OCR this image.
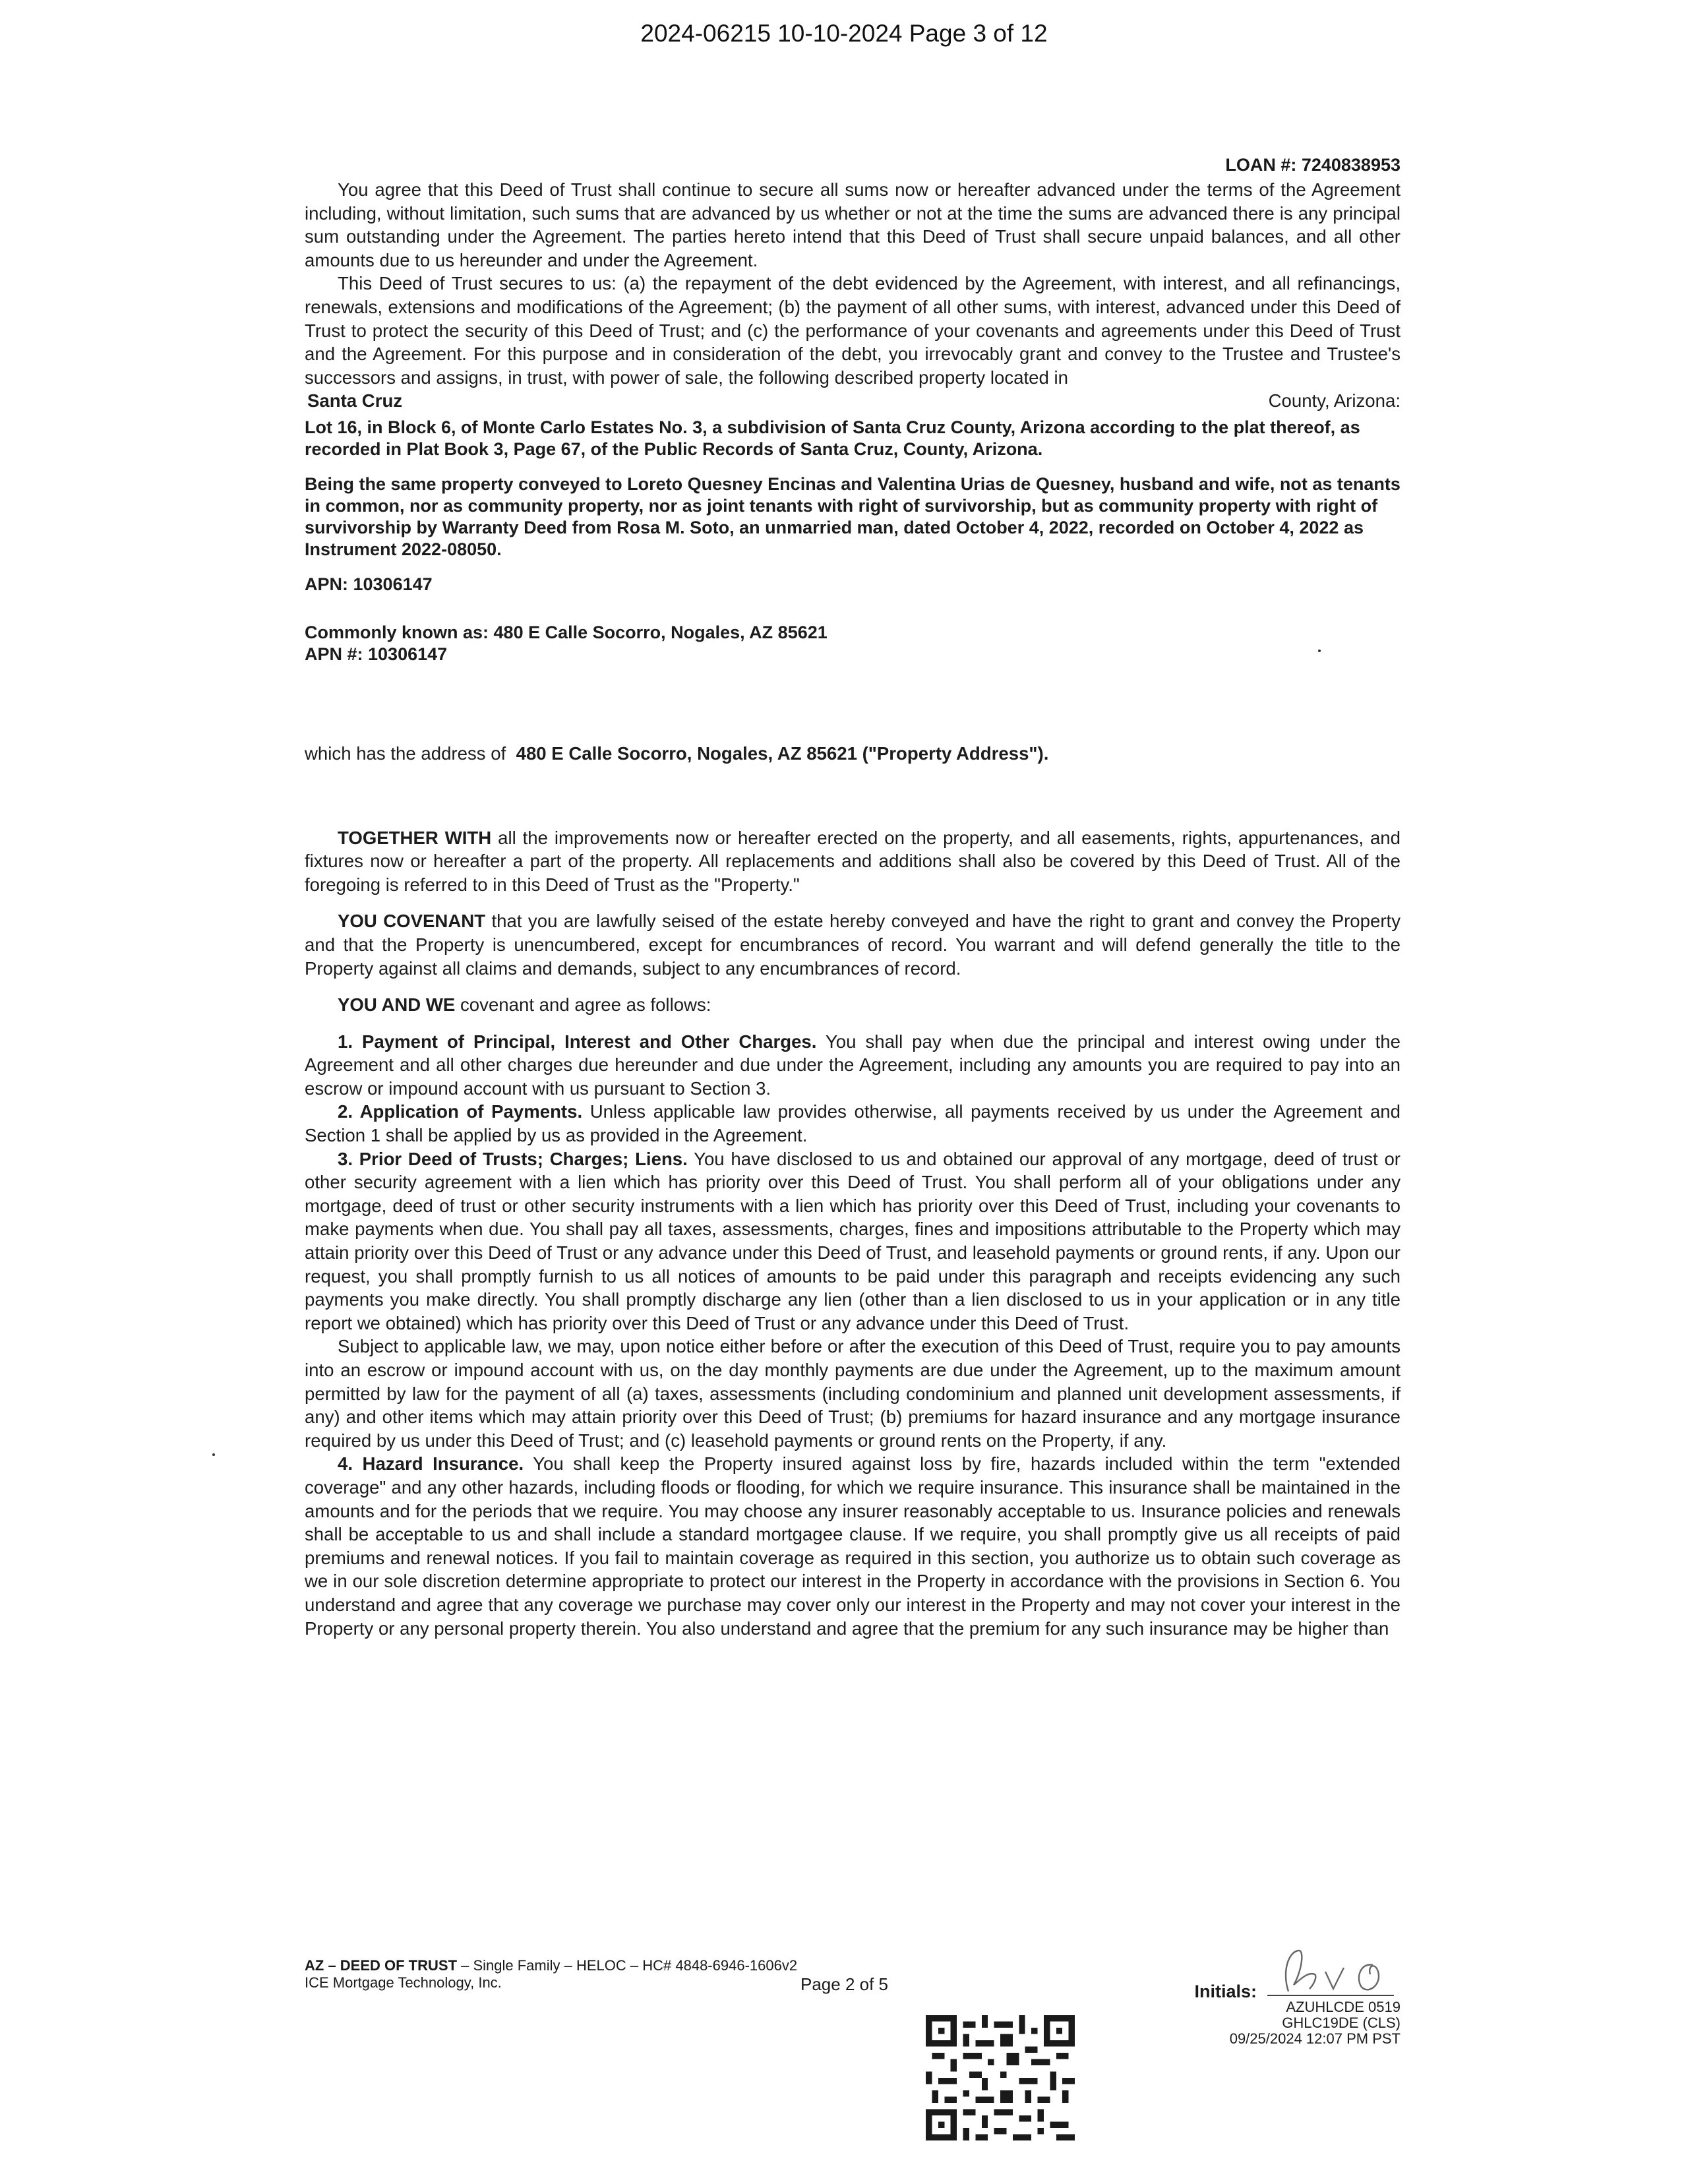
2024-06215 10-10-2024 Page 3 of 12
LOAN #: 7240838953

You agree that this Deed of Trust shall continue to secure all sums now or hereafter advanced under the terms of the Agreement including, without limitation, such sums that are advanced by us whether or not at the time the sums are advanced there is any principal sum outstanding under the Agreement. The parties hereto intend that this Deed of Trust shall secure unpaid balances, and all other amounts due to us hereunder and under the Agreement.

This Deed of Trust secures to us: (a) the repayment of the debt evidenced by the Agreement, with interest, and all refinancings, renewals, extensions and modifications of the Agreement; (b) the payment of all other sums, with interest, advanced under this Deed of Trust to protect the security of this Deed of Trust; and (c) the performance of your covenants and agreements under this Deed of Trust and the Agreement. For this purpose and in consideration of the debt, you irrevocably grant and convey to the Trustee and Trustee's successors and assigns, in trust, with power of sale, the following described property located in

Santa Cruz	County, Arizona:

Lot 16, in Block 6, of Monte Carlo Estates No. 3, a subdivision of Santa Cruz County, Arizona according to the plat thereof, as recorded in Plat Book 3, Page 67, of the Public Records of Santa Cruz, County, Arizona.

Being the same property conveyed to Loreto Quesney Encinas and Valentina Urias de Quesney, husband and wife, not as tenants in common, nor as community property, nor as joint tenants with right of survivorship, but as community property with right of survivorship by Warranty Deed from Rosa M. Soto, an unmarried man, dated October 4, 2022, recorded on October 4, 2022 as Instrument 2022-08050.

APN: 10306147

Commonly known as: 480 E Calle Socorro, Nogales, AZ 85621

APN #: 10306147

which has the address of 480 E Calle Socorro, Nogales, AZ 85621 ("Property Address").

TOGETHER WITH all the improvements now or hereafter erected on the property, and all easements, rights, appurtenances, and fixtures now or hereafter a part of the property. All replacements and additions shall also be covered by this Deed of Trust. All of the foregoing is referred to in this Deed of Trust as the "Property."

YOU COVENANT that you are lawfully seised of the estate hereby conveyed and have the right to grant and convey the Property and that the Property is unencumbered, except for encumbrances of record. You warrant and will defend generally the title to the Property against all claims and demands, subject to any encumbrances of record.

YOU AND WE covenant and agree as follows:

1. Payment of Principal, Interest and Other Charges. You shall pay when due the principal and interest owing under the Agreement and all other charges due hereunder and due under the Agreement, including any amounts you are required to pay into an escrow or impound account with us pursuant to Section 3.

2. Application of Payments. Unless applicable law provides otherwise, all payments received by us under the Agreement and Section 1 shall be applied by us as provided in the Agreement.

3. Prior Deed of Trusts; Charges; Liens. You have disclosed to us and obtained our approval of any mortgage, deed of trust or other security agreement with a lien which has priority over this Deed of Trust. You shall perform all of your obligations under any mortgage, deed of trust or other security instruments with a lien which has priority over this Deed of Trust, including your covenants to make payments when due. You shall pay all taxes, assessments, charges, fines and impositions attributable to the Property which may attain priority over this Deed of Trust or any advance under this Deed of Trust, and leasehold payments or ground rents, if any. Upon our request, you shall promptly furnish to us all notices of amounts to be paid under this paragraph and receipts evidencing any such payments you make directly. You shall promptly discharge any lien (other than a lien disclosed to us in your application or in any title report we obtained) which has priority over this Deed of Trust or any advance under this Deed of Trust.

Subject to applicable law, we may, upon notice either before or after the execution of this Deed of Trust, require you to pay amounts into an escrow or impound account with us, on the day monthly payments are due under the Agreement, up to the maximum amount permitted by law for the payment of all (a) taxes, assessments (including condominium and planned unit development assessments, if any) and other items which may attain priority over this Deed of Trust; (b) premiums for hazard insurance and any mortgage insurance required by us under this Deed of Trust; and (c) leasehold payments or ground rents on the Property, if any.

4. Hazard Insurance. You shall keep the Property insured against loss by fire, hazards included within the term "extended coverage" and any other hazards, including floods or flooding, for which we require insurance. This insurance shall be maintained in the amounts and for the periods that we require. You may choose any insurer reasonably acceptable to us. Insurance policies and renewals shall be acceptable to us and shall include a standard mortgagee clause. If we require, you shall promptly give us all receipts of paid premiums and renewal notices. If you fail to maintain coverage as required in this section, you authorize us to obtain such coverage as we in our sole discretion determine appropriate to protect our interest in the Property in accordance with the provisions in Section 6. You understand and agree that any coverage we purchase may cover only our interest in the Property and may not cover your interest in the Property or any personal property therein. You also understand and agree that the premium for any such insurance may be higher than

AZ – DEED OF TRUST – Single Family – HELOC – HC# 4848-6946-1606v2
ICE Mortgage Technology, Inc.	Page 2 of 5	Initials:
AZUHLCDE 0519
GHLC19DE (CLS)
09/25/2024 12:07 PM PST
